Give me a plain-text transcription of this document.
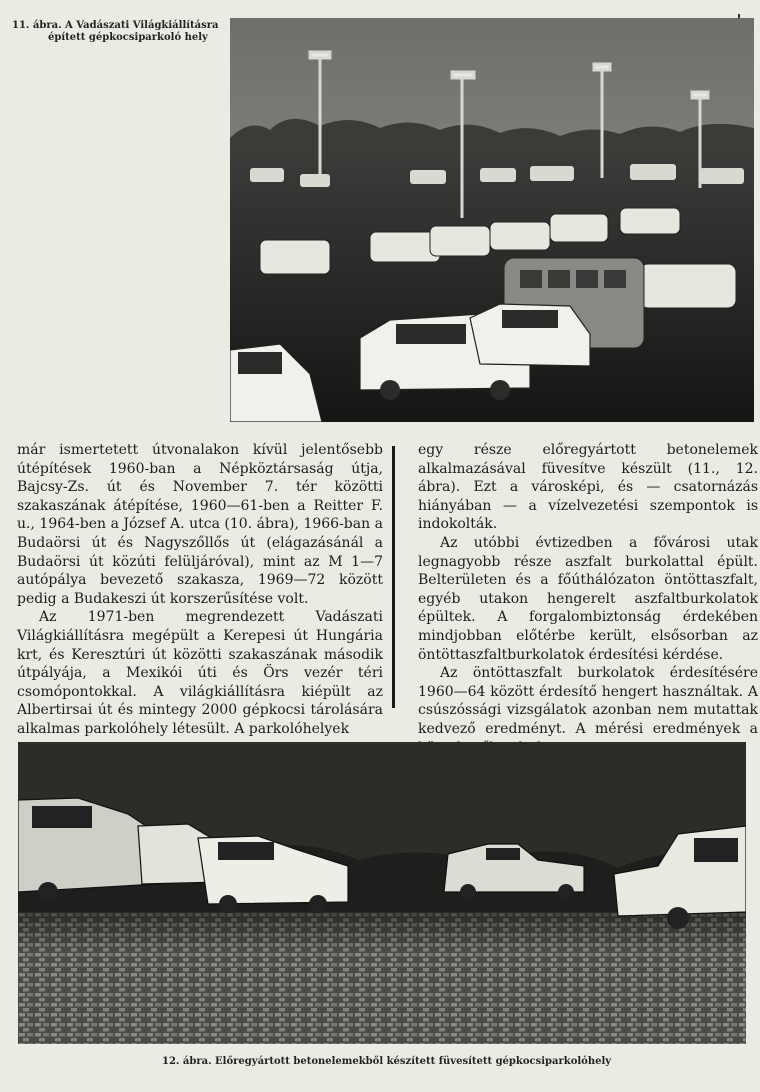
11. ábra. A Vadászati Világkiállításra
épített gépkocsiparkoló hely

már ismertetett útvonalakon kívül jelentősebb útépítések 1960-ban a Népköztársaság útja, Bajcsy-Zs. út és November 7. tér közötti szakaszának átépítése, 1960—61-ben a Reitter F. u., 1964-ben a József A. utca (10. ábra), 1966-ban a Budaörsi út és Nagyszőllős út (elágazásánál a Budaörsi út közúti felüljáróval), mint az M 1—7 autópálya bevezető szakasza, 1969—72 között pedig a Budakeszi út korszerűsítése volt.

Az 1971-ben megrendezett Vadászati Világkiállításra megépült a Kerepesi út Hungária krt, és Keresztúri út közötti szakaszának második útpályája, a Mexikói úti és Örs vezér téri csomópontokkal. A világkiállításra kiépült az Albertirsai út és mintegy 2000 gépkocsi tárolására alkalmas parkolóhely létesült. A parkolóhelyek

egy része előregyártott betonelemek alkalmazásával füvesítve készült (11., 12. ábra). Ezt a városképi, és — csatornázás hiányában — a vízelvezetési szempontok is indokolták.

Az utóbbi évtizedben a fővárosi utak legnagyobb része aszfalt burkolattal épült. Belterületen és a főúthálózaton öntöttaszfalt, egyéb utakon hengerelt aszfaltburkolatok épültek. A forgalombiztonság érdekében mindjobban előtérbe került, elsősorban az öntöttaszfaltburkolatok érdesítési kérdése.

Az öntöttaszfalt burkolatok érdesítésére 1960—64 között érdesítő hengert használtak. A csúszóssági vizsgálatok azonban nem mutattak kedvező eredményt. A mérési eredmények a

12. ábra. Előregyártott betonelemekből készített füvesített gépkocsiparkolóhely
